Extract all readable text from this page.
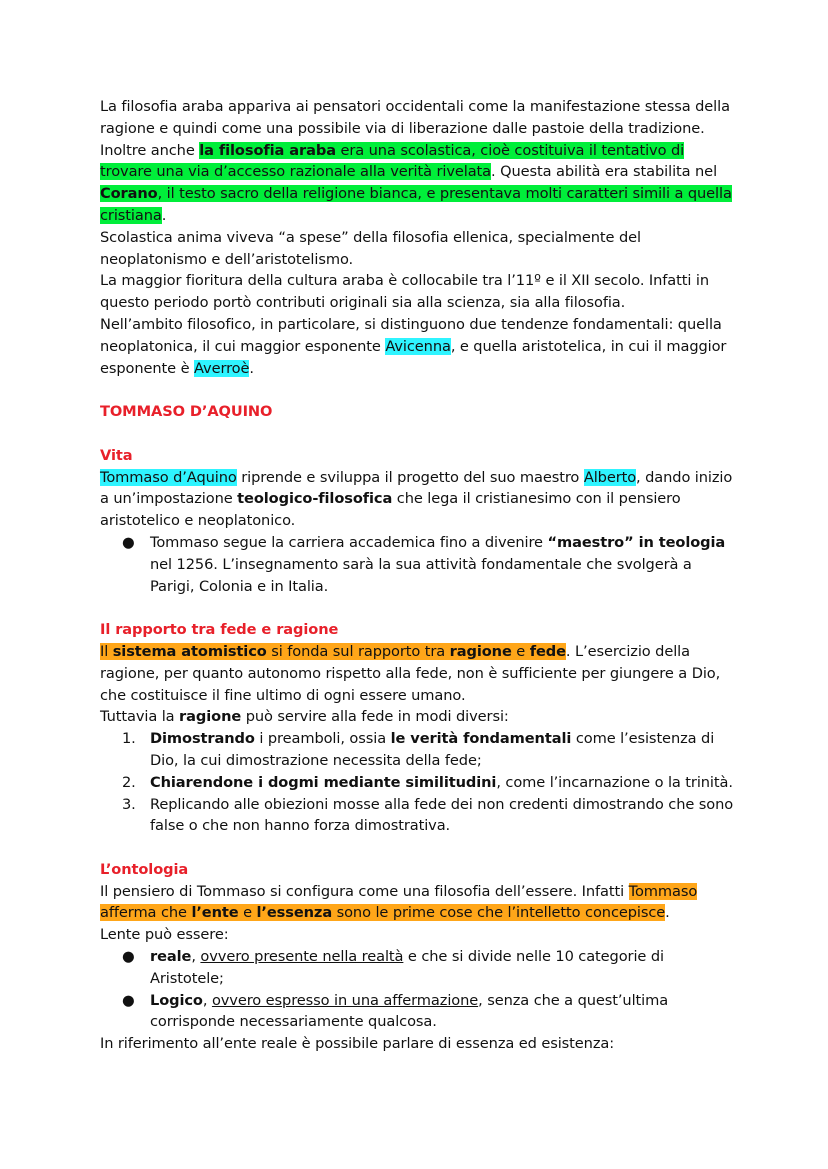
La filosofia araba appariva ai pensatori occidentali come la manifestazione stessa della ragione e quindi come una possibile via di liberazione dalle pastoie della tradizione. Inoltre anche la filosofia araba era una scolastica, cioè costituiva il tentativo di trovare una via d’accesso razionale alla verità rivelata. Questa abilità era stabilita nel Corano, il testo sacro della religione bianca, e presentava molti caratteri simili a quella cristiana.

Scolastica anima viveva “a spese” della filosofia ellenica, specialmente del neoplatonismo e dell’aristotelismo.

La maggior fioritura della cultura araba è collocabile tra l’11º e il XII secolo. Infatti in questo periodo portò contributi originali sia alla scienza, sia alla filosofia.

Nell’ambito filosofico, in particolare, si distinguono due tendenze fondamentali: quella neoplatonica, il cui maggior esponente Avicenna, e quella aristotelica, in cui il maggior esponente è Averroè.

TOMMASO D’AQUINO

Vita

Tommaso d’Aquino riprende e sviluppa il progetto del suo maestro Alberto, dando inizio a un’impostazione teologico-filosofica che lega il cristianesimo con il pensiero aristotelico e neoplatonico.

● Tommaso segue la carriera accademica fino a divenire “maestro” in teologia nel 1256. L’insegnamento sarà la sua attività fondamentale che svolgerà a Parigi, Colonia e in Italia.

Il rapporto tra fede e ragione

Il sistema atomistico si fonda sul rapporto tra ragione e fede. L’esercizio della ragione, per quanto autonomo rispetto alla fede, non è sufficiente per giungere a Dio, che costituisce il fine ultimo di ogni essere umano.

Tuttavia la ragione può servire alla fede in modi diversi:

1. Dimostrando i preamboli, ossia le verità fondamentali come l’esistenza di Dio, la cui dimostrazione necessita della fede;
2. Chiarendone i dogmi mediante similitudini, come l’incarnazione o la trinità.
3. Replicando alle obiezioni mosse alla fede dei non credenti dimostrando che sono false o che non hanno forza dimostrativa.

L’ontologia

Il pensiero di Tommaso si configura come una filosofia dell’essere. Infatti Tommaso afferma che l’ente e l’essenza sono le prime cose che l’intelletto concepisce.

Lente può essere:

● reale, ovvero presente nella realtà e che si divide nelle 10 categorie di Aristotele;
● Logico, ovvero espresso in una affermazione, senza che a quest’ultima corrisponde necessariamente qualcosa.

In riferimento all’ente reale è possibile parlare di essenza ed esistenza:
